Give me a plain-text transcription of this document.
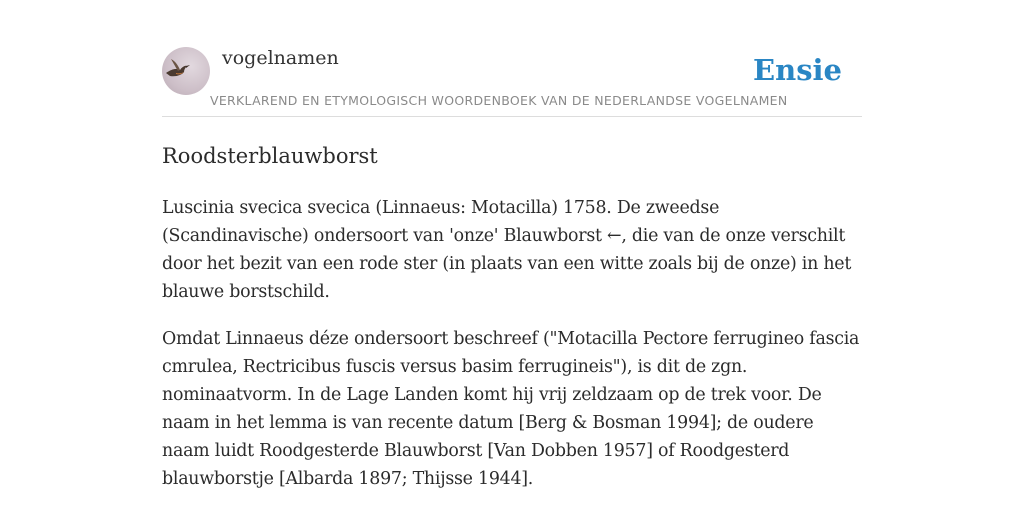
vogelnamen	Ensie
VERKLAREND EN ETYMOLOGISCH WOORDENBOEK VAN DE NEDERLANDSE VOGELNAMEN
Roodsterblauwborst

Luscinia svecica svecica (Linnaeus: Motacilla) 1758. De zweedse (Scandinavische) ondersoort van 'onze' Blauwborst ←, die van de onze verschilt door het bezit van een rode ster (in plaats van een witte zoals bij de onze) in het blauwe borstschild.

Omdat Linnaeus déze ondersoort beschreef ("Motacilla Pectore ferrugineo fascia cmrulea, Rectricibus fuscis versus basim ferrugineis"), is dit de zgn. nominaatvorm. In de Lage Landen komt hij vrij zeldzaam op de trek voor. De naam in het lemma is van recente datum [Berg & Bosman 1994]; de oudere naam luidt Roodgesterde Blauwborst [Van Dobben 1957] of Roodgesterd blauwborstje [Albarda 1897; Thijsse 1944].
